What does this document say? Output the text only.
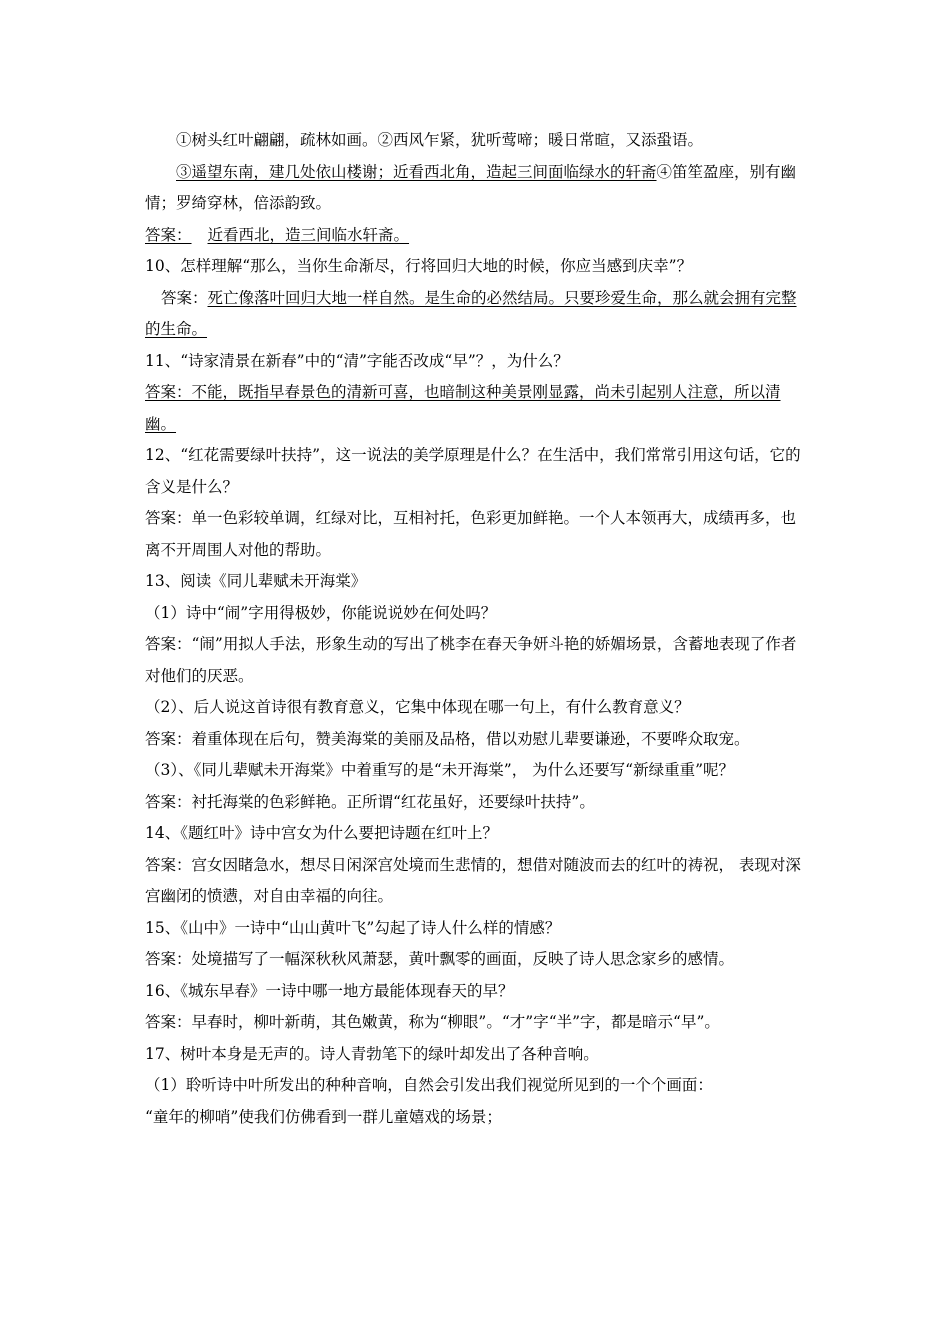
①树头红叶翩翩，疏林如画。②西风乍紧，犹听莺啼；暖日常暄，又添蛩语。

③遥望东南，建几处依山楼谢；近看西北角，造起三间面临绿水的轩斋④笛笙盈座，别有幽情；罗绮穿林，倍添韵致。

答案： 近看西北，造三间临水轩斋。

10、怎样理解“那么，当你生命渐尽，行将回归大地的时候，你应当感到庆幸”？

答案：死亡像落叶回归大地一样自然。是生命的必然结局。只要珍爱生命，那么就会拥有完整的生命。

11、“诗家清景在新春”中的“清”字能否改成“早”？，为什么？

答案：不能，既指早春景色的清新可喜，也暗制这种美景刚显露，尚未引起别人注意，所以清幽。

12、“红花需要绿叶扶持”，这一说法的美学原理是什么？在生活中，我们常常引用这句话，它的含义是什么？

答案：单一色彩较单调，红绿对比，互相衬托，色彩更加鲜艳。一个人本领再大，成绩再多，也离不开周围人对他的帮助。

13、阅读《同儿辈赋未开海棠》

（1）诗中“闹”字用得极妙，你能说说妙在何处吗？

答案：“闹”用拟人手法，形象生动的写出了桃李在春天争妍斗艳的娇媚场景，含蓄地表现了作者对他们的厌恶。

（2）、后人说这首诗很有教育意义，它集中体现在哪一句上，有什么教育意义？

答案：着重体现在后句，赞美海棠的美丽及品格，借以劝慰儿辈要谦逊，不要哗众取宠。

（3）、《同儿辈赋未开海棠》中着重写的是“未开海棠”， 为什么还要写“新绿重重”呢？

答案：衬托海棠的色彩鲜艳。正所谓“红花虽好，还要绿叶扶持”。

14、《题红叶》诗中宫女为什么要把诗题在红叶上？

答案：宫女因睹急水，想尽日闲深宫处境而生悲情的，想借对随波而去的红叶的祷祝， 表现对深宫幽闭的愤懑，对自由幸福的向往。

15、《山中》一诗中“山山黄叶飞”勾起了诗人什么样的情感？

答案：处境描写了一幅深秋秋风萧瑟，黄叶飘零的画面，反映了诗人思念家乡的感情。

16、《城东早春》一诗中哪一地方最能体现春天的早？

答案：早春时，柳叶新萌，其色嫩黄，称为“柳眼”。“才”字“半”字，都是暗示“早”。

17、树叶本身是无声的。诗人青勃笔下的绿叶却发出了各种音响。

（1）聆听诗中叶所发出的种种音响，自然会引发出我们视觉所见到的一个个画面：

“童年的柳哨”使我们仿佛看到一群儿童嬉戏的场景；
